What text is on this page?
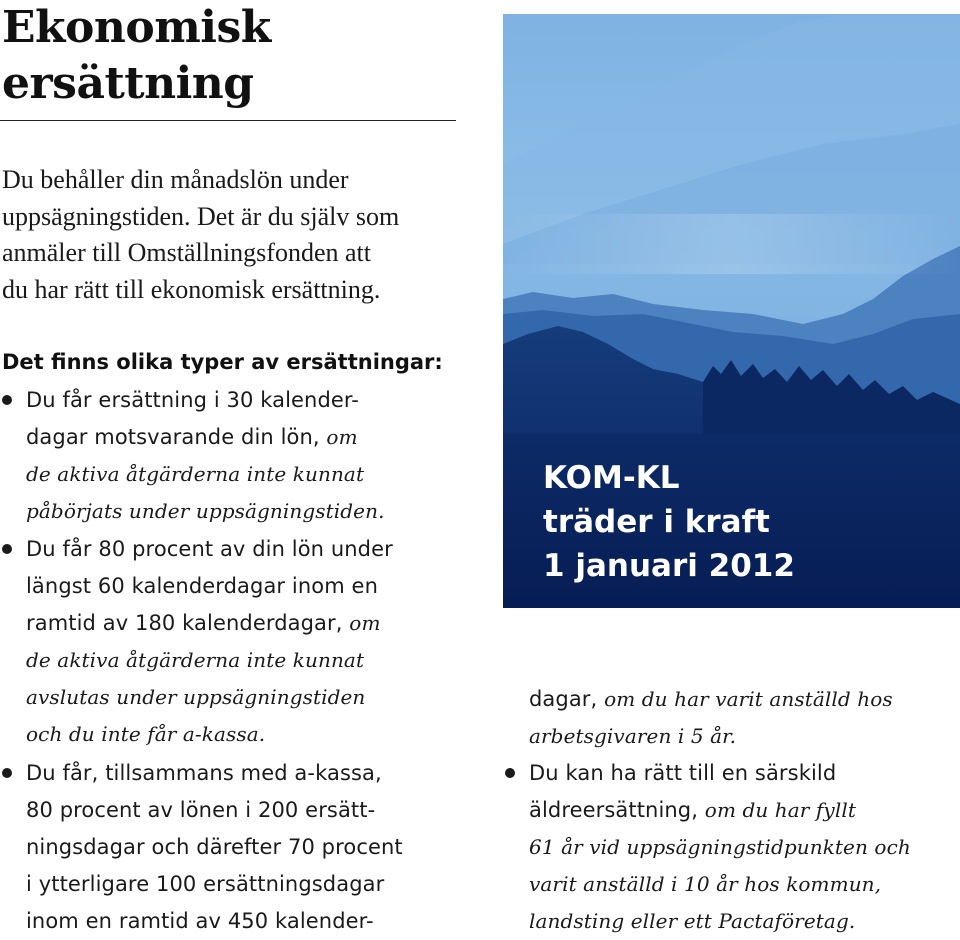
Ekonomisk
ersättning
Du behåller din månadslön under
uppsägningstiden. Det är du själv som
anmäler till Omställningsfonden att
du har rätt till ekonomisk ersättning.
Det finns olika typer av ersättningar:
Du får ersättning i 30 kalender-
dagar motsvarande din lön, om
de aktiva åtgärderna inte kunnat
påbörjats under uppsägningstiden.
Du får 80 procent av din lön under
längst 60 kalenderdagar inom en
ramtid av 180 kalenderdagar, om
de aktiva åtgärderna inte kunnat
avslutas under uppsägningstiden
och du inte får a-kassa.
Du får, tillsammans med a-kassa,
80 procent av lönen i 200 ersätt-
ningsdagar och därefter 70 procent
i ytterligare 100 ersättningsdagar
inom en ramtid av 450 kalender-
KOM-KL
träder i kraft
1 januari 2012
dagar, om du har varit anställd hos
arbetsgivaren i 5 år.
Du kan ha rätt till en särskild
äldreersättning, om du har fyllt
61 år vid uppsägningstidpunkten och
varit anställd i 10 år hos kommun,
landsting eller ett Pactaföretag.
